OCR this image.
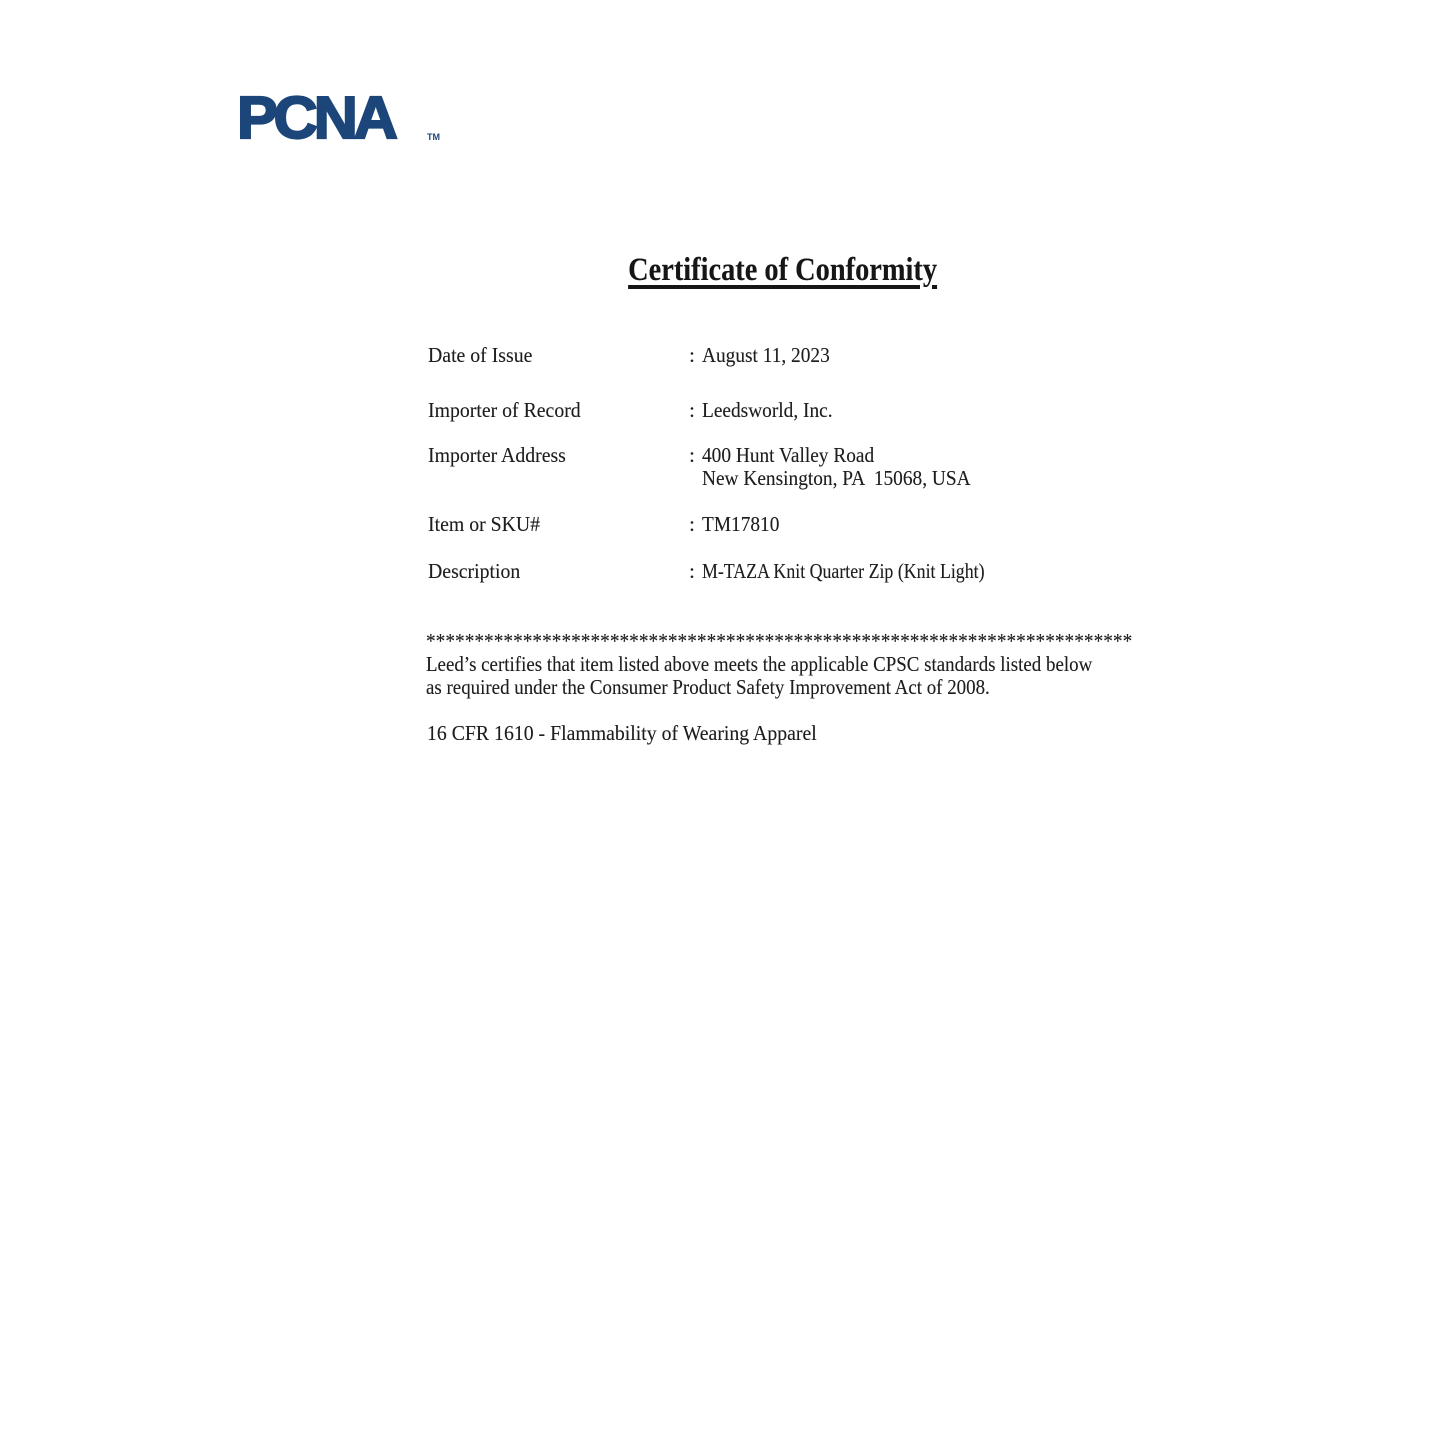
PCNA	TM
Certificate of Conformity
Date of Issue	: August 11, 2023
Importer of Record	: Leedsworld, Inc.
Importer Address	: 400 Hunt Valley Road
New Kensington, PA  15068, USA
Item or SKU#	: TM17810
Description	: M-TAZA Knit Quarter Zip (Knit Light)
*************************************************************************
Leed’s certifies that item listed above meets the applicable CPSC standards listed below
as required under the Consumer Product Safety Improvement Act of 2008.
16 CFR 1610 - Flammability of Wearing Apparel
